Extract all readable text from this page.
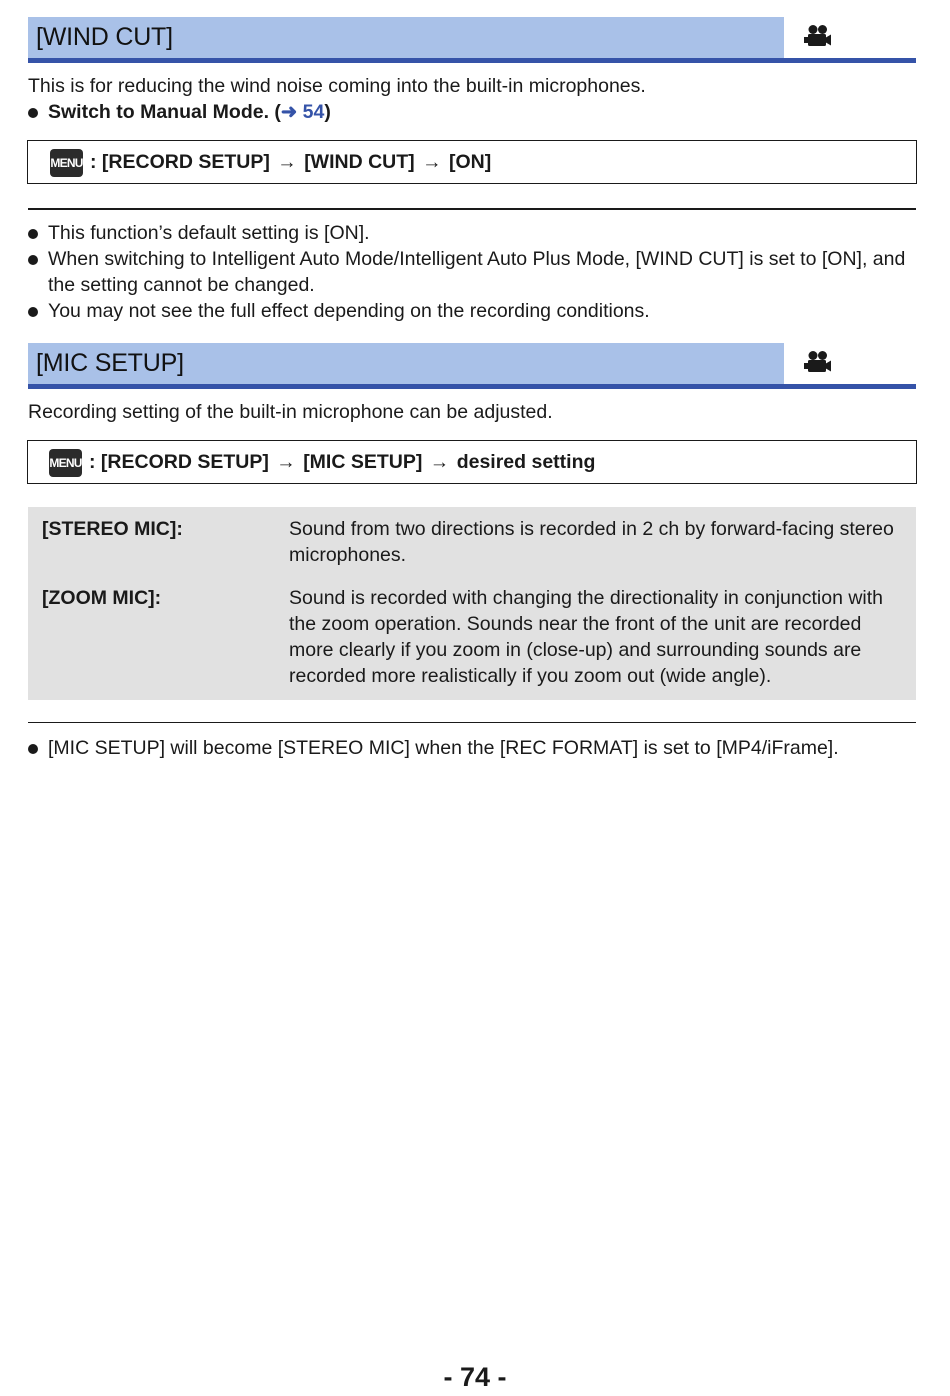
[WIND CUT]
This is for reducing the wind noise coming into the built-in microphones.
Switch to Manual Mode. (➜ 54)
MENU : [RECORD SETUP] → [WIND CUT] → [ON]
This function’s default setting is [ON].
When switching to Intelligent Auto Mode/Intelligent Auto Plus Mode, [WIND CUT] is set to [ON], and the setting cannot be changed.
You may not see the full effect depending on the recording conditions.
[MIC SETUP]
Recording setting of the built-in microphone can be adjusted.
MENU : [RECORD SETUP] → [MIC SETUP] → desired setting
[STEREO MIC]:	Sound from two directions is recorded in 2 ch by forward-facing stereo microphones.
[ZOOM MIC]:	Sound is recorded with changing the directionality in conjunction with the zoom operation. Sounds near the front of the unit are recorded more clearly if you zoom in (close-up) and surrounding sounds are recorded more realistically if you zoom out (wide angle).
[MIC SETUP] will become [STEREO MIC] when the [REC FORMAT] is set to [MP4/iFrame].
- 74 -
